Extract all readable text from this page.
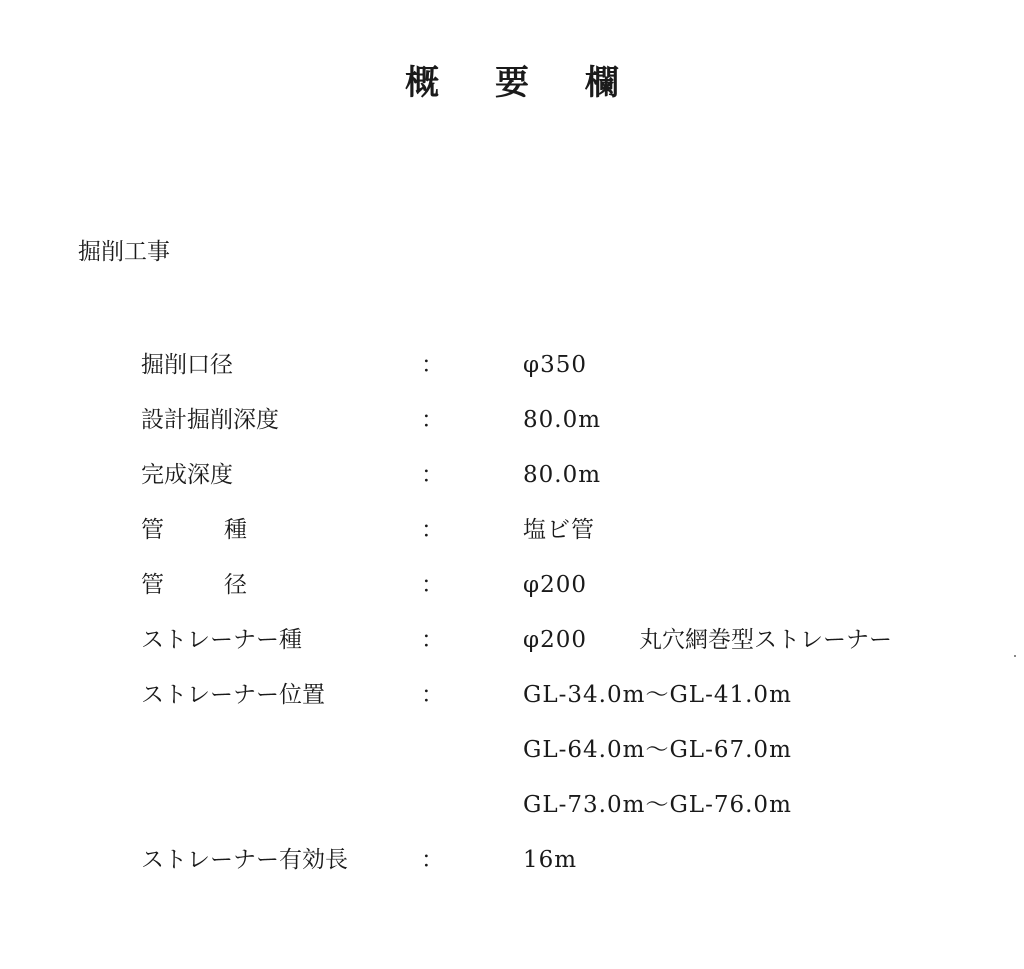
概 要 欄
掘削工事
掘削口径	：	φ350
設計掘削深度	：	80.0m
完成深度	：	80.0m
管	種	：	塩ビ管
管	径	：	φ200
ストレーナー種	：	φ200 丸穴網巻型ストレーナー
ストレーナー位置	：	GL-34.0m～GL-41.0m
GL-64.0m～GL-67.0m
GL-73.0m～GL-76.0m
ストレーナー有効長	：	16m
